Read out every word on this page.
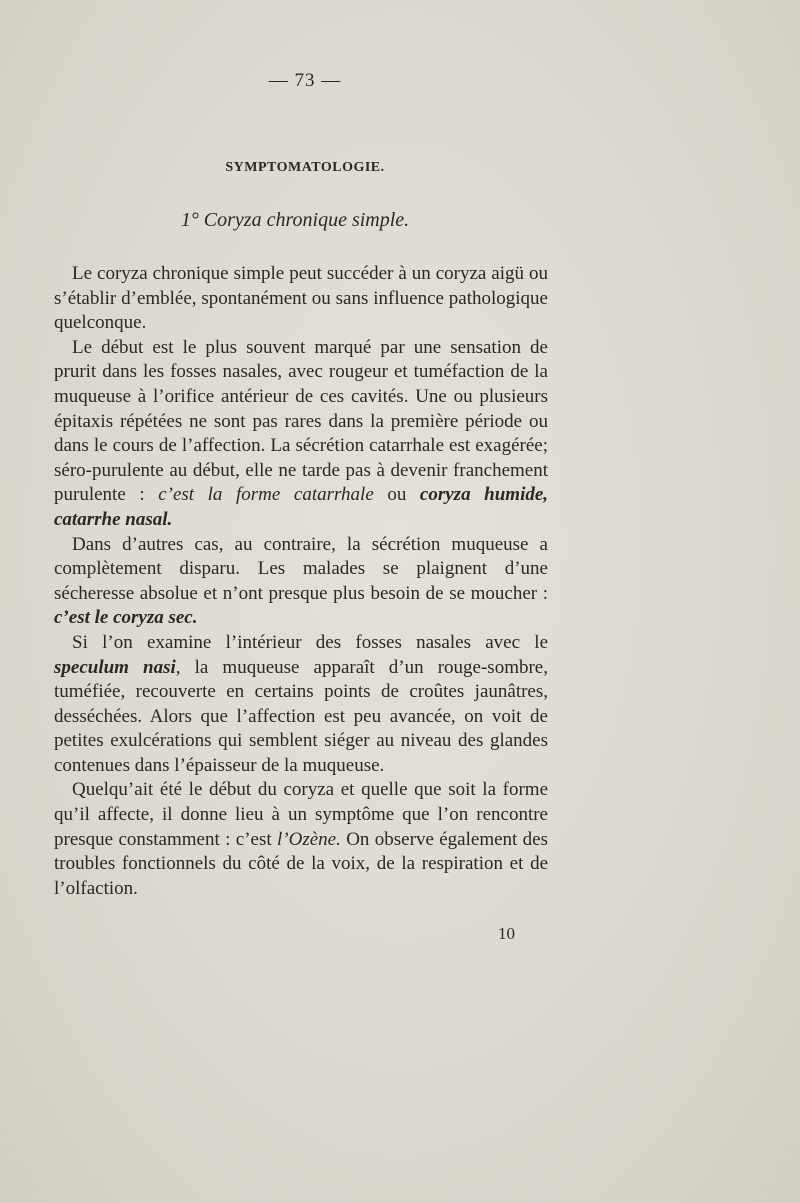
— 73 —
SYMPTOMATOLOGIE.
1° Coryza chronique simple.

Le coryza chronique simple peut succéder à un coryza aigü ou s’établir d’emblée, spontanément ou sans influence pathologique quelconque.

Le début est le plus souvent marqué par une sensation de prurit dans les fosses nasales, avec rougeur et tuméfaction de la muqueuse à l’orifice antérieur de ces cavités. Une ou plusieurs épitaxis répétées ne sont pas rares dans la première période ou dans le cours de l’affection. La sécrétion catarrhale est exagérée; séro-purulente au début, elle ne tarde pas à devenir franchement purulente : c’est la forme catarrhale ou coryza humide, catarrhe nasal.

Dans d’autres cas, au contraire, la sécrétion muqueuse a complètement disparu. Les malades se plaignent d’une sécheresse absolue et n’ont presque plus besoin de se moucher : c’est le coryza sec.

Si l’on examine l’intérieur des fosses nasales avec le speculum nasi, la muqueuse apparaît d’un rouge-sombre, tuméfiée, recouverte en certains points de croûtes jaunâtres, desséchées. Alors que l’affection est peu avancée, on voit de petites exulcérations qui semblent siéger au niveau des glandes contenues dans l’épaisseur de la muqueuse.

Quelqu’ait été le début du coryza et quelle que soit la forme qu’il affecte, il donne lieu à un symptôme que l’on rencontre presque constamment : c’est l’Ozène. On observe également des troubles fonctionnels du côté de la voix, de la respiration et de l’olfaction.

10
